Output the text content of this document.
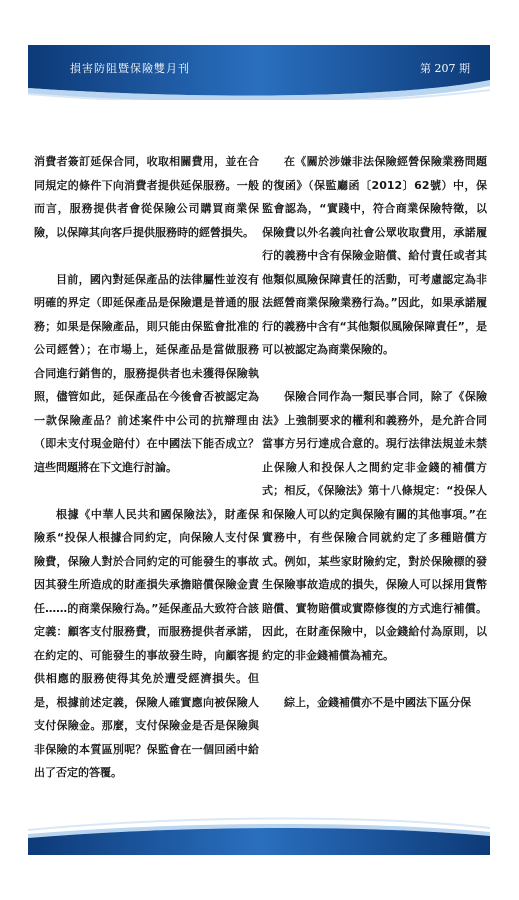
損害防阻暨保險雙月刊	第 207 期

消費者簽訂延保合同，收取相關費用，並在合同規定的條件下向消費者提供延保服務。一般而言，服務提供者會從保險公司購買商業保險，以保障其向客戶提供服務時的經營損失。

目前，國內對延保產品的法律屬性並沒有明確的界定（即延保產品是保險還是普通的服務；如果是保險產品，則只能由保監會批准的公司經營）；在市場上，延保產品是當做服務合同進行銷售的，服務提供者也未獲得保險執照，儘管如此，延保產品在今後會否被認定為一款保險產品？前述案件中公司的抗辯理由（即未支付現金賠付）在中國法下能否成立？這些問題將在下文進行討論。

根據《中華人民共和國保險法》，財產保險系“投保人根據合同約定，向保險人支付保險費，保險人對於合同約定的可能發生的事故因其發生所造成的財產損失承擔賠償保險金責任……的商業保險行為。”延保產品大致符合該定義：顧客支付服務費，而服務提供者承諾，在約定的、可能發生的事故發生時，向顧客提供相應的服務使得其免於遭受經濟損失。但是，根據前述定義，保險人確實應向被保險人支付保險金。那麼，支付保險金是否是保險與非保險的本質區別呢？保監會在一個回函中給出了否定的答覆。

在《關於涉嫌非法保險經營保險業務問題的復函》（保監廳函〔2012〕62號）中，保監會認為，“實踐中，符合商業保險特徵，以保險費以外名義向社會公眾收取費用，承諾履行的義務中含有保險金賠償、給付責任或者其他類似風險保障責任的活動，可考慮認定為非法經營商業保險業務行為。”因此，如果承諾履行的義務中含有“其他類似風險保障責任”，是可以被認定為商業保險的。

保險合同作為一類民事合同，除了《保險法》上強制要求的權利和義務外，是允許合同當事方另行達成合意的。現行法律法規並未禁止保險人和投保人之間約定非金錢的補償方式；相反，《保險法》第十八條規定：“投保人和保險人可以約定與保險有關的其他事項。”在實務中，有些保險合同就約定了多種賠償方式。例如，某些家財險約定，對於保險標的發生保險事故造成的損失，保險人可以採用貨幣賠償、實物賠償或實際修復的方式進行補償。因此，在財產保險中，以金錢給付為原則，以約定的非金錢補償為補充。

綜上，金錢補償亦不是中國法下區分保
